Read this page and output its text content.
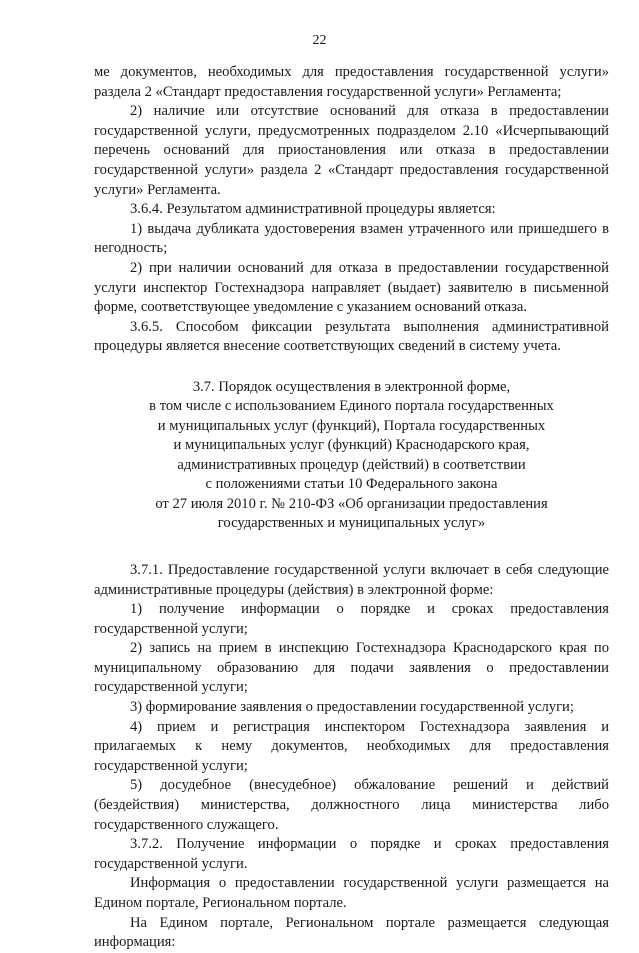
22

ме документов, необходимых для предоставления государственной услуги» раздела 2 «Стандарт предоставления государственной услуги» Регламента;

2) наличие или отсутствие оснований для отказа в предоставлении государственной услуги, предусмотренных подразделом 2.10 «Исчерпывающий перечень оснований для приостановления или отказа в предоставлении государственной услуги» раздела 2 «Стандарт предоставления государственной услуги» Регламента.

3.6.4. Результатом административной процедуры является:

1) выдача дубликата удостоверения взамен утраченного или пришедшего в негодность;

2) при наличии оснований для отказа в предоставлении государственной услуги инспектор Гостехнадзора направляет (выдает) заявителю в письменной форме, соответствующее уведомление с указанием оснований отказа.

3.6.5. Способом фиксации результата выполнения административной процедуры является внесение соответствующих сведений в систему учета.

3.7. Порядок осуществления в электронной форме,
в том числе с использованием Единого портала государственных
и муниципальных услуг (функций), Портала государственных
и муниципальных услуг (функций) Краснодарского края,
административных процедур (действий) в соответствии
с положениями статьи 10 Федерального закона
от 27 июля 2010 г. № 210-ФЗ «Об организации предоставления
государственных и муниципальных услуг»

3.7.1. Предоставление государственной услуги включает в себя следующие административные процедуры (действия) в электронной форме:

1) получение информации о порядке и сроках предоставления государственной услуги;

2) запись на прием в инспекцию Гостехнадзора Краснодарского края по муниципальному образованию для подачи заявления о предоставлении государственной услуги;

3) формирование заявления о предоставлении государственной услуги;

4) прием и регистрация инспектором Гостехнадзора заявления и прилагаемых к нему документов, необходимых для предоставления государственной услуги;

5) досудебное (внесудебное) обжалование решений и действий (бездействия) министерства, должностного лица министерства либо государственного служащего.

3.7.2. Получение информации о порядке и сроках предоставления государственной услуги.

Информация о предоставлении государственной услуги размещается на Едином портале, Региональном портале.

На Едином портале, Региональном портале размещается следующая информация:
